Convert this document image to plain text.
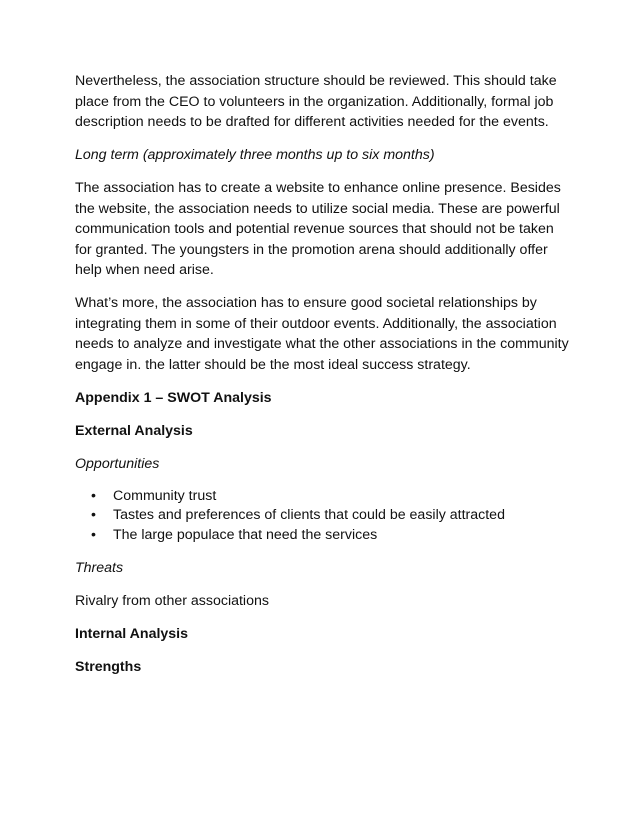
Nevertheless, the association structure should be reviewed. This should take place from the CEO to volunteers in the organization. Additionally, formal job description needs to be drafted for different activities needed for the events.

Long term (approximately three months up to six months)

The association has to create a website to enhance online presence. Besides the website, the association needs to utilize social media. These are powerful communication tools and potential revenue sources that should not be taken for granted. The youngsters in the promotion arena should additionally offer help when need arise.

What’s more, the association has to ensure good societal relationships by integrating them in some of their outdoor events. Additionally, the association needs to analyze and investigate what the other associations in the community engage in. the latter should be the most ideal success strategy.

Appendix 1 – SWOT Analysis

External Analysis

Opportunities

• Community trust
• Tastes and preferences of clients that could be easily attracted
• The large populace that need the services

Threats

Rivalry from other associations

Internal Analysis

Strengths
